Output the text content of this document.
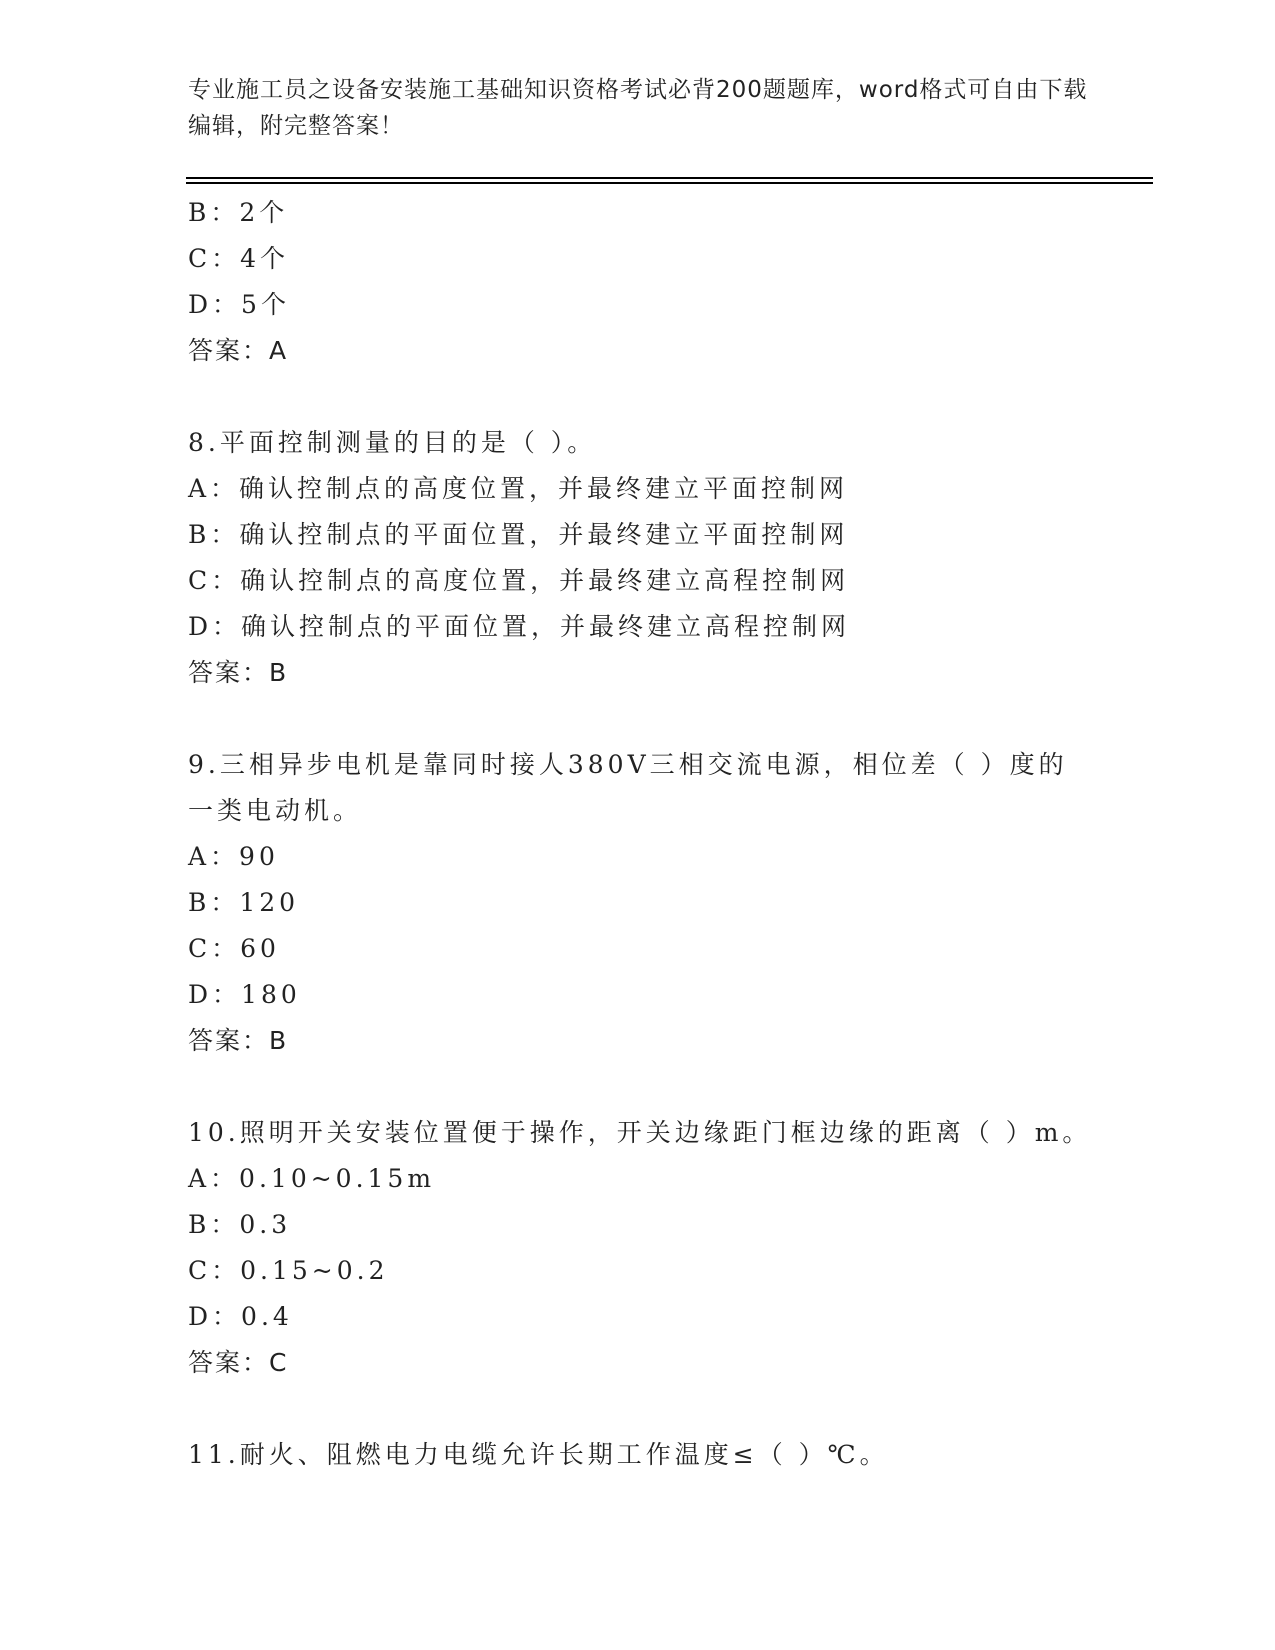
专业施工员之设备安装施工基础知识资格考试必背200题题库，word格式可自由下载编辑，附完整答案！
B：2个
C：4个
D：5个
答案：A
8.平面控制测量的目的是（ ）。
A：确认控制点的高度位置，并最终建立平面控制网
B：确认控制点的平面位置，并最终建立平面控制网
C：确认控制点的高度位置，并最终建立高程控制网
D：确认控制点的平面位置，并最终建立高程控制网
答案：B
9.三相异步电机是靠同时接人380V三相交流电源，相位差（ ）度的一类电动机。
A：90
B：120
C：60
D：180
答案：B
10.照明开关安装位置便于操作，开关边缘距门框边缘的距离（ ）m。
A：0.10~0.15m
B：0.3
C：0.15~0.2
D：0.4
答案：C
11.耐火、阻燃电力电缆允许长期工作温度≤（ ）℃。
